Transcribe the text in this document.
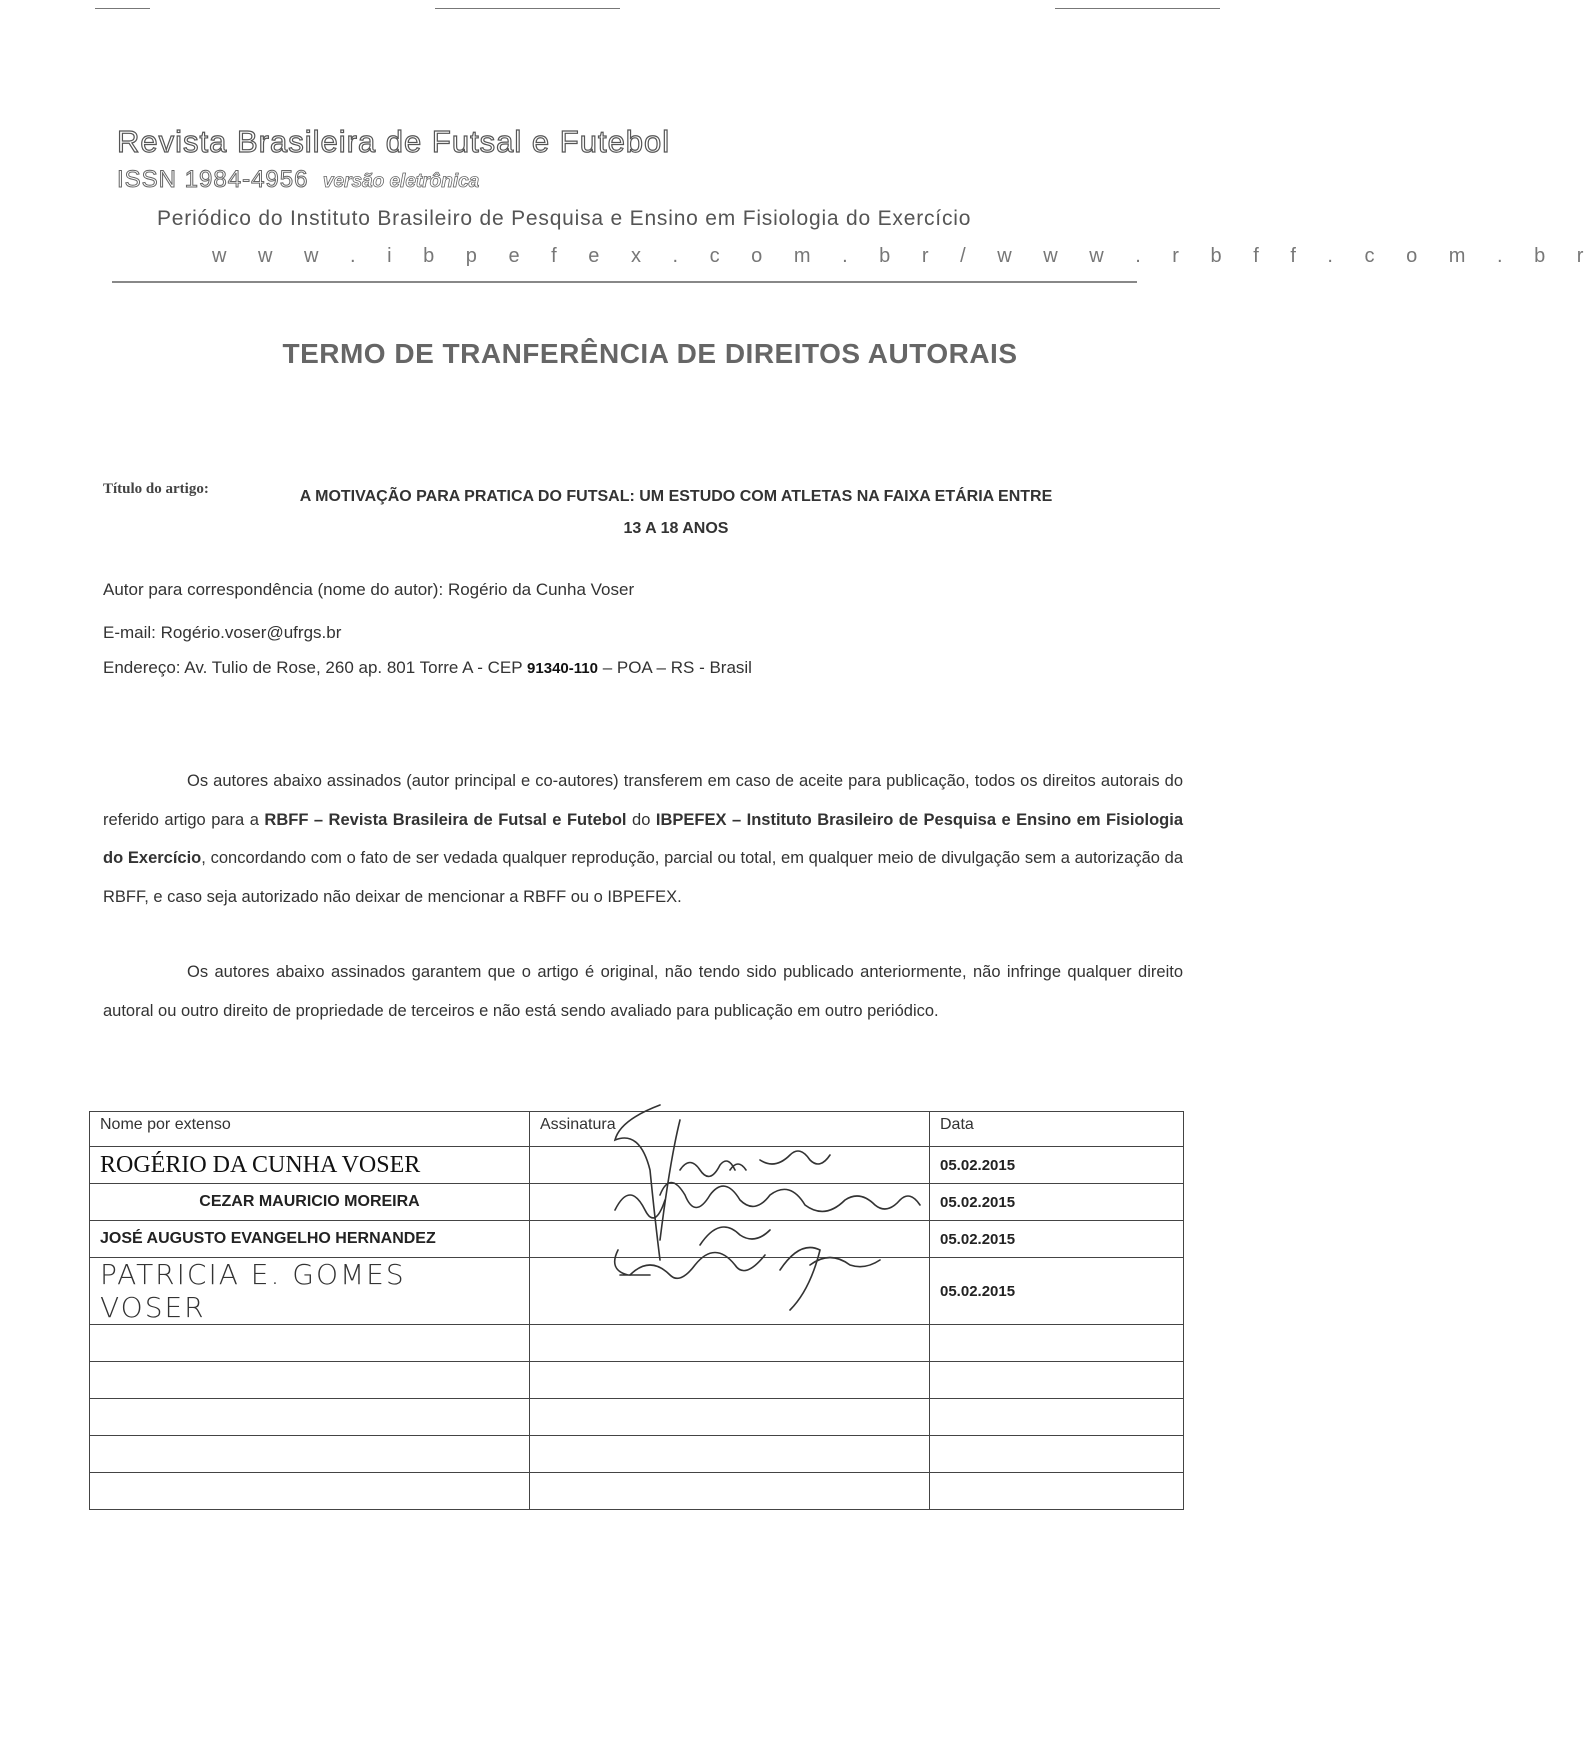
Revista Brasileira de Futsal e Futebol
ISSN 1984-4956 versão eletrônica
Periódico do Instituto Brasileiro de Pesquisa e Ensino em Fisiologia do Exercício
w w w . i b p e f e x . c o m . b r / w w w . r b f f . c o m . b r
TERMO DE TRANFERÊNCIA DE DIREITOS AUTORAIS
Título do artigo:	A MOTIVAÇÃO PARA PRATICA DO FUTSAL: UM ESTUDO COM ATLETAS NA FAIXA ETÁRIA ENTRE
13 A 18 ANOS
Autor para correspondência (nome do autor): Rogério da Cunha Voser
E-mail: Rogério.voser@ufrgs.br
Endereço: Av. Tulio de Rose, 260 ap. 801 Torre A - CEP 91340-110 – POA – RS - Brasil
Os autores abaixo assinados (autor principal e co-autores) transferem em caso de aceite para publicação, todos os direitos autorais do referido artigo para a RBFF – Revista Brasileira de Futsal e Futebol do IBPEFEX – Instituto Brasileiro de Pesquisa e Ensino em Fisiologia do Exercício, concordando com o fato de ser vedada qualquer reprodução, parcial ou total, em qualquer meio de divulgação sem a autorização da RBFF, e caso seja autorizado não deixar de mencionar a RBFF ou o IBPEFEX.
Os autores abaixo assinados garantem que o artigo é original, não tendo sido publicado anteriormente, não infringe qualquer direito autoral ou outro direito de propriedade de terceiros e não está sendo avaliado para publicação em outro periódico.
Nome por extenso	Assinatura	Data
ROGÉRIO DA CUNHA VOSER		05.02.2015
CEZAR MAURICIO MOREIRA		05.02.2015
JOSÉ AUGUSTO EVANGELHO HERNANDEZ		05.02.2015
PATRICIA E. GOMES VOSER		05.02.2015
